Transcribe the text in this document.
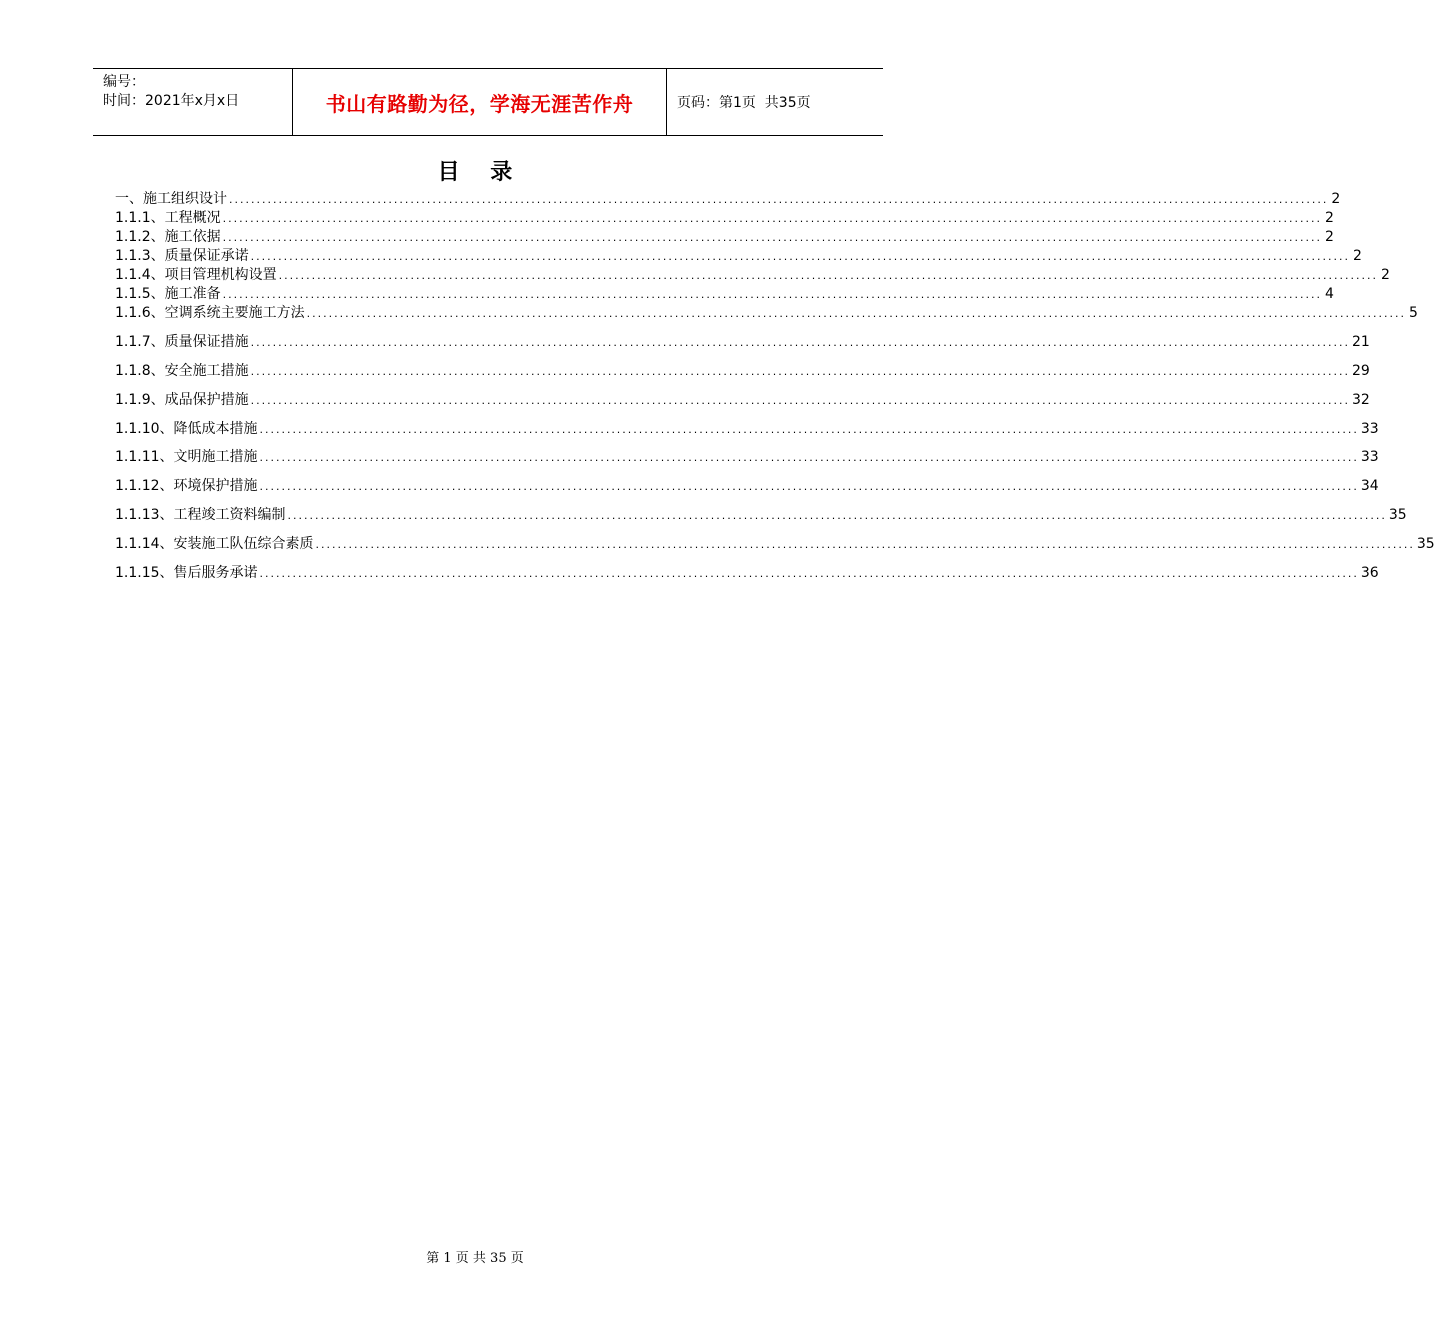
编号：
时间：2021年x月x日	书山有路勤为径，学海无涯苦作舟	页码：第1页  共35页
目    录
一、施工组织设计 ........................................................................................................................................................................................................ 2
1.1.1、工程概况 ........................................................................................................................................................................................................ 2
1.1.2、施工依据 ........................................................................................................................................................................................................ 2
1.1.3、质量保证承诺 ........................................................................................................................................................................................................ 2
1.1.4、项目管理机构设置 ........................................................................................................................................................................................................ 2
1.1.5、施工准备 ........................................................................................................................................................................................................ 4
1.1.6、空调系统主要施工方法 ........................................................................................................................................................................................................ 5
1.1.7、质量保证措施 ........................................................................................................................................................................................................ 21
1.1.8、安全施工措施 ........................................................................................................................................................................................................ 29
1.1.9、成品保护措施 ........................................................................................................................................................................................................ 32
1.1.10、降低成本措施 ........................................................................................................................................................................................................ 33
1.1.11、文明施工措施 ........................................................................................................................................................................................................ 33
1.1.12、环境保护措施 ........................................................................................................................................................................................................ 34
1.1.13、工程竣工资料编制 ........................................................................................................................................................................................................ 35
1.1.14、安装施工队伍综合素质 ........................................................................................................................................................................................................ 35
1.1.15、售后服务承诺 ........................................................................................................................................................................................................ 36
第 1 页 共 35 页
